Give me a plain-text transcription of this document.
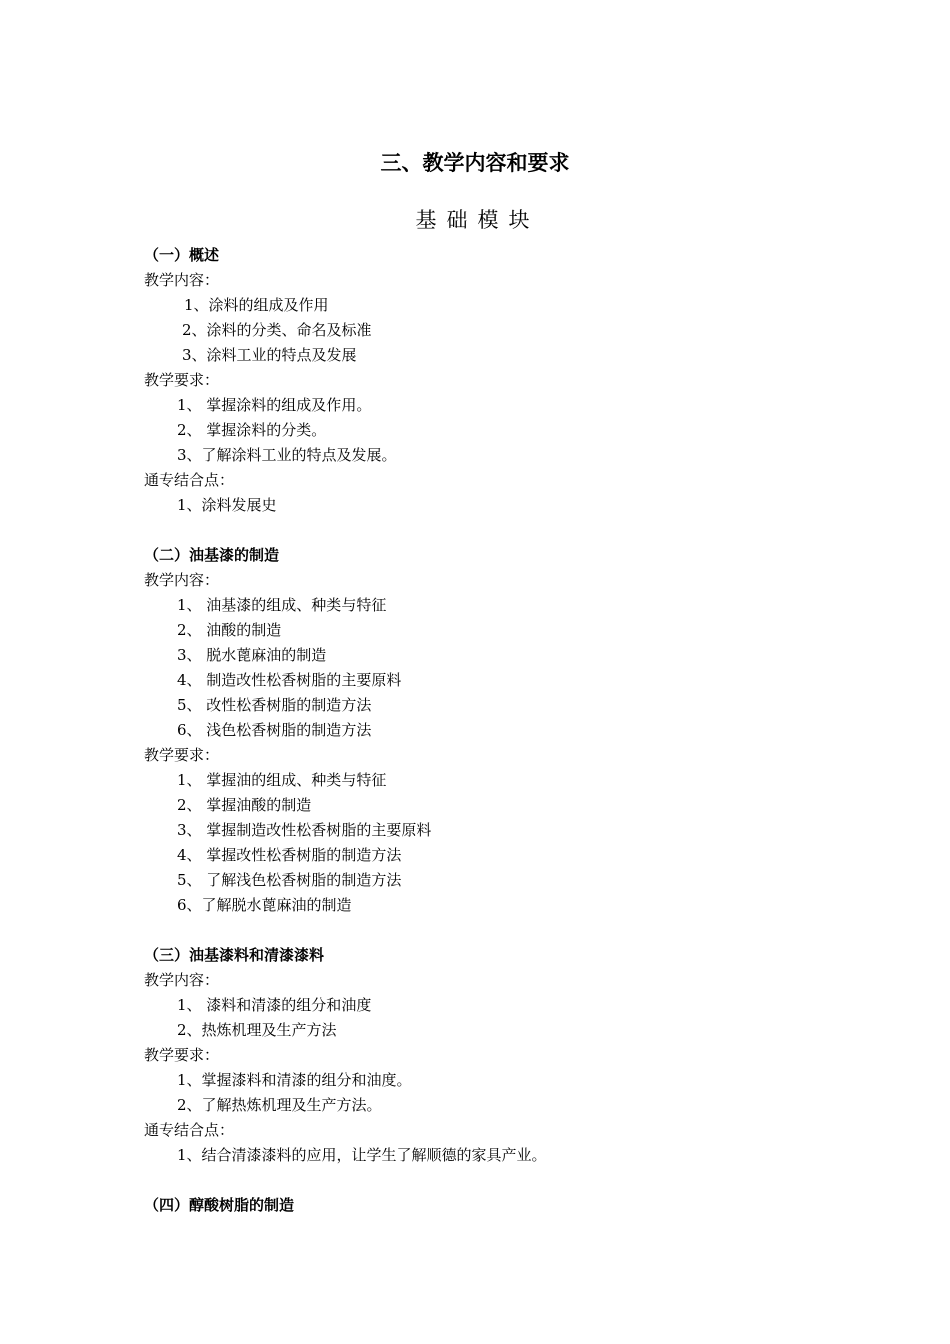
三、教学内容和要求
基础模块
（一）概述
教学内容：
1、涂料的组成及作用
2、涂料的分类、命名及标准
3、涂料工业的特点及发展
教学要求：
1、 掌握涂料的组成及作用。
2、 掌握涂料的分类。
3、了解涂料工业的特点及发展。
通专结合点：
1、涂料发展史
（二）油基漆的制造
教学内容：
1、 油基漆的组成、种类与特征
2、 油酸的制造
3、 脱水蓖麻油的制造
4、 制造改性松香树脂的主要原料
5、 改性松香树脂的制造方法
6、 浅色松香树脂的制造方法
教学要求：
1、 掌握油的组成、种类与特征
2、 掌握油酸的制造
3、 掌握制造改性松香树脂的主要原料
4、 掌握改性松香树脂的制造方法
5、 了解浅色松香树脂的制造方法
6、了解脱水蓖麻油的制造
（三）油基漆料和清漆漆料
教学内容：
1、 漆料和清漆的组分和油度
2、热炼机理及生产方法
教学要求：
1、掌握漆料和清漆的组分和油度。
2、了解热炼机理及生产方法。
通专结合点：
1、结合清漆漆料的应用，让学生了解顺德的家具产业。
（四）醇酸树脂的制造
